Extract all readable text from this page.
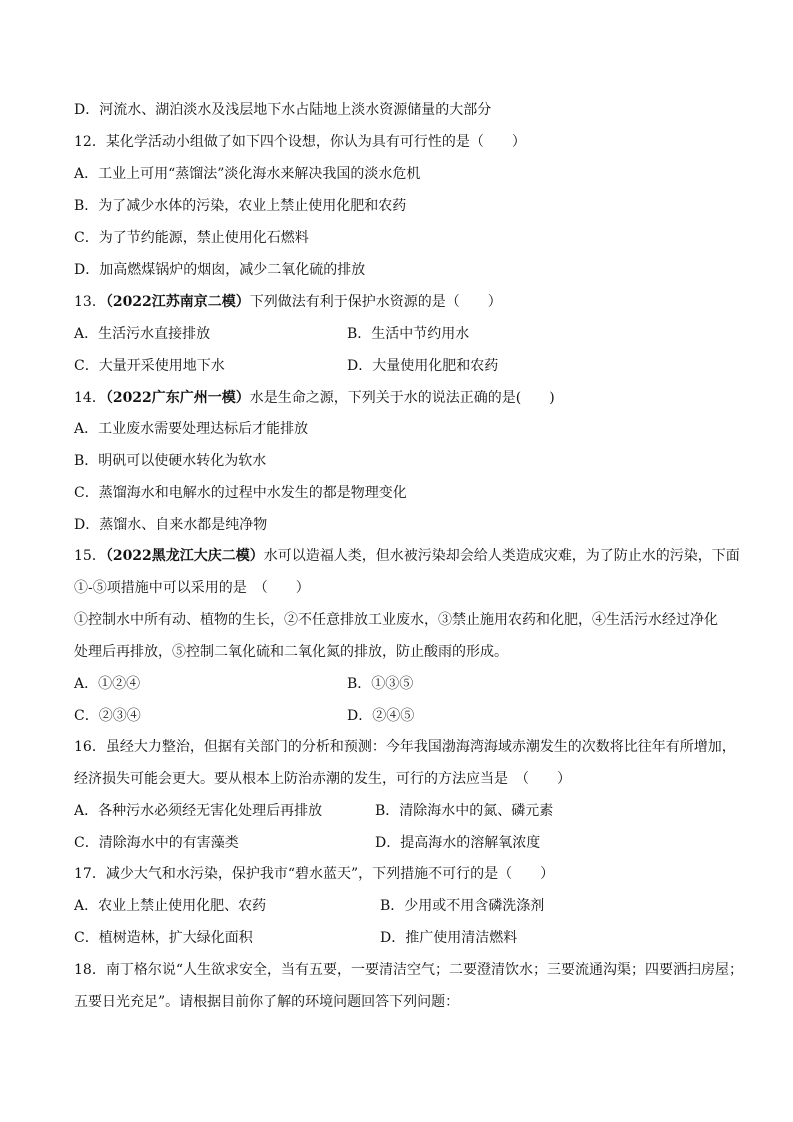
D．河流水、湖泊淡水及浅层地下水占陆地上淡水资源储量的大部分
12．某化学活动小组做了如下四个设想，你认为具有可行性的是（　　）
A．工业上可用“蒸馏法”淡化海水来解决我国的淡水危机
B．为了减少水体的污染，农业上禁止使用化肥和农药
C．为了节约能源，禁止使用化石燃料
D．加高燃煤锅炉的烟囱，减少二氧化硫的排放
13．（2022江苏南京二模）下列做法有利于保护水资源的是（　　）
A．生活污水直接排放	B．生活中节约用水
C．大量开采使用地下水	D．大量使用化肥和农药
14．（2022广东广州一模）水是生命之源，下列关于水的说法正确的是(　　)
A．工业废水需要处理达标后才能排放
B．明矾可以使硬水转化为软水
C．蒸馏海水和电解水的过程中水发生的都是物理变化
D．蒸馏水、自来水都是纯净物
15．（2022黑龙江大庆二模）水可以造福人类，但水被污染却会给人类造成灾难，为了防止水的污染，下面
①-⑤项措施中可以采用的是　（　　）
①控制水中所有动、植物的生长，②不任意排放工业废水，③禁止施用农药和化肥，④生活污水经过净化
处理后再排放，⑤控制二氧化硫和二氧化氮的排放，防止酸雨的形成。
A．①②④	B．①③⑤
C．②③④	D．②④⑤
16．虽经大力整治，但据有关部门的分析和预测：今年我国渤海湾海域赤潮发生的次数将比往年有所增加，
经济损失可能会更大。要从根本上防治赤潮的发生，可行的方法应当是　（　　）
A．各种污水必须经无害化处理后再排放	B．清除海水中的氮、磷元素
C．清除海水中的有害藻类	D．提高海水的溶解氧浓度
17．减少大气和水污染，保护我市“碧水蓝天”，下列措施不可行的是（　　）
A．农业上禁止使用化肥、农药	B．少用或不用含磷洗涤剂
C．植树造林，扩大绿化面积	D．推广使用清洁燃料
18．南丁格尔说“人生欲求安全，当有五要，一要清洁空气；二要澄清饮水；三要流通沟渠；四要洒扫房屋；
五要日光充足”。请根据目前你了解的环境问题回答下列问题：
